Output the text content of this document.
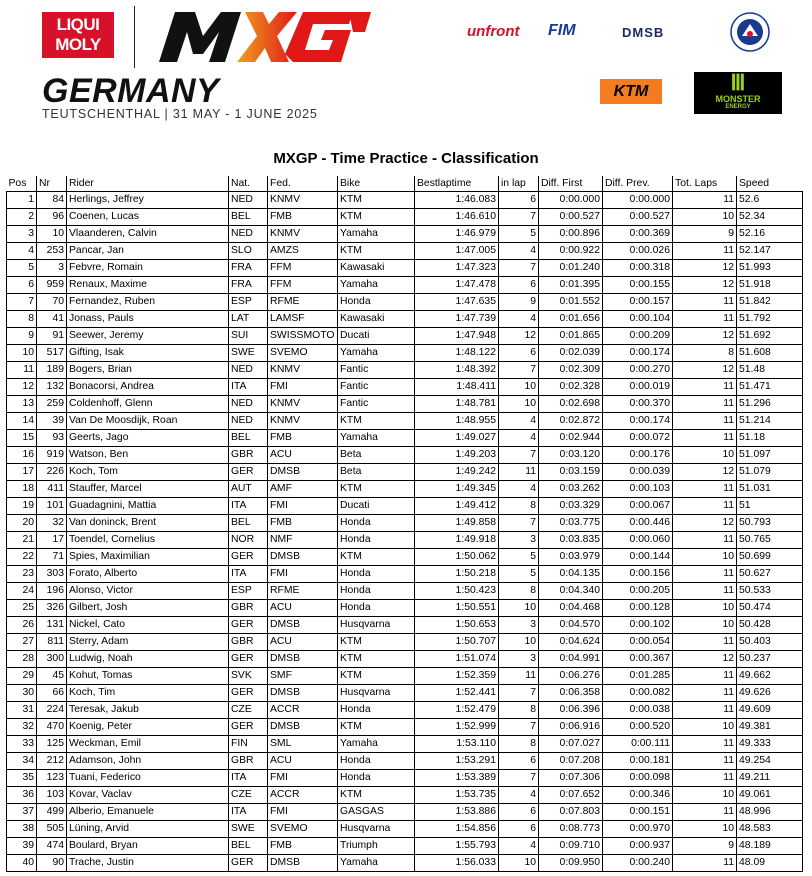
LIQUI
MOLY
MXGP
GERMANY
TEUTSCHENTHAL | 31 MAY - 1 JUNE 2025
unfront FIM	DMSB
KTM	Ⅲ
MONSTER
ENERGY
MXGP - Time Practice - Classification
Pos	Nr	Rider	Nat.	Fed.	Bike	Bestlaptime	in lap	Diff. First	Diff. Prev.	Tot. Laps	Speed
1	84	Herlings, Jeffrey	NED	KNMV	KTM	1:46.083	6	0:00.000	0:00.000	11	52.6
2	96	Coenen, Lucas	BEL	FMB	KTM	1:46.610	7	0:00.527	0:00.527	10	52.34
3	10	Vlaanderen, Calvin	NED	KNMV	Yamaha	1:46.979	5	0:00.896	0:00.369	9	52.16
4	253	Pancar, Jan	SLO	AMZS	KTM	1:47.005	4	0:00.922	0:00.026	11	52.147
5	3	Febvre, Romain	FRA	FFM	Kawasaki	1:47.323	7	0:01.240	0:00.318	12	51.993
6	959	Renaux, Maxime	FRA	FFM	Yamaha	1:47.478	6	0:01.395	0:00.155	12	51.918
7	70	Fernandez, Ruben	ESP	RFME	Honda	1:47.635	9	0:01.552	0:00.157	11	51.842
8	41	Jonass, Pauls	LAT	LAMSF	Kawasaki	1:47.739	4	0:01.656	0:00.104	11	51.792
9	91	Seewer, Jeremy	SUI	SWISSMOTO	Ducati	1:47.948	12	0:01.865	0:00.209	12	51.692
10	517	Gifting, Isak	SWE	SVEMO	Yamaha	1:48.122	6	0:02.039	0:00.174	8	51.608
11	189	Bogers, Brian	NED	KNMV	Fantic	1:48.392	7	0:02.309	0:00.270	12	51.48
12	132	Bonacorsi, Andrea	ITA	FMI	Fantic	1:48.411	10	0:02.328	0:00.019	11	51.471
13	259	Coldenhoff, Glenn	NED	KNMV	Fantic	1:48.781	10	0:02.698	0:00.370	11	51.296
14	39	Van De Moosdijk, Roan	NED	KNMV	KTM	1:48.955	4	0:02.872	0:00.174	11	51.214
15	93	Geerts, Jago	BEL	FMB	Yamaha	1:49.027	4	0:02.944	0:00.072	11	51.18
16	919	Watson, Ben	GBR	ACU	Beta	1:49.203	7	0:03.120	0:00.176	10	51.097
17	226	Koch, Tom	GER	DMSB	Beta	1:49.242	11	0:03.159	0:00.039	12	51.079
18	411	Stauffer, Marcel	AUT	AMF	KTM	1:49.345	4	0:03.262	0:00.103	11	51.031
19	101	Guadagnini, Mattia	ITA	FMI	Ducati	1:49.412	8	0:03.329	0:00.067	11	51
20	32	Van doninck, Brent	BEL	FMB	Honda	1:49.858	7	0:03.775	0:00.446	12	50.793
21	17	Toendel, Cornelius	NOR	NMF	Honda	1:49.918	3	0:03.835	0:00.060	11	50.765
22	71	Spies, Maximilian	GER	DMSB	KTM	1:50.062	5	0:03.979	0:00.144	10	50.699
23	303	Forato, Alberto	ITA	FMI	Honda	1:50.218	5	0:04.135	0:00.156	11	50.627
24	196	Alonso, Victor	ESP	RFME	Honda	1:50.423	8	0:04.340	0:00.205	11	50.533
25	326	Gilbert, Josh	GBR	ACU	Honda	1:50.551	10	0:04.468	0:00.128	10	50.474
26	131	Nickel, Cato	GER	DMSB	Husqvarna	1:50.653	3	0:04.570	0:00.102	10	50.428
27	811	Sterry, Adam	GBR	ACU	KTM	1:50.707	10	0:04.624	0:00.054	11	50.403
28	300	Ludwig, Noah	GER	DMSB	KTM	1:51.074	3	0:04.991	0:00.367	12	50.237
29	45	Kohut, Tomas	SVK	SMF	KTM	1:52.359	11	0:06.276	0:01.285	11	49.662
30	66	Koch, Tim	GER	DMSB	Husqvarna	1:52.441	7	0:06.358	0:00.082	11	49.626
31	224	Teresak, Jakub	CZE	ACCR	Honda	1:52.479	8	0:06.396	0:00.038	11	49.609
32	470	Koenig, Peter	GER	DMSB	KTM	1:52.999	7	0:06.916	0:00.520	10	49.381
33	125	Weckman, Emil	FIN	SML	Yamaha	1:53.110	8	0:07.027	0:00.111	11	49.333
34	212	Adamson, John	GBR	ACU	Honda	1:53.291	6	0:07.208	0:00.181	11	49.254
35	123	Tuani, Federico	ITA	FMI	Honda	1:53.389	7	0:07.306	0:00.098	11	49.211
36	103	Kovar, Vaclav	CZE	ACCR	KTM	1:53.735	4	0:07.652	0:00.346	10	49.061
37	499	Alberio, Emanuele	ITA	FMI	GASGAS	1:53.886	6	0:07.803	0:00.151	11	48.996
38	505	Lüning, Arvid	SWE	SVEMO	Husqvarna	1:54.856	6	0:08.773	0:00.970	10	48.583
39	474	Boulard, Bryan	BEL	FMB	Triumph	1:55.793	4	0:09.710	0:00.937	9	48.189
40	90	Trache, Justin	GER	DMSB	Yamaha	1:56.033	10	0:09.950	0:00.240	11	48.09
